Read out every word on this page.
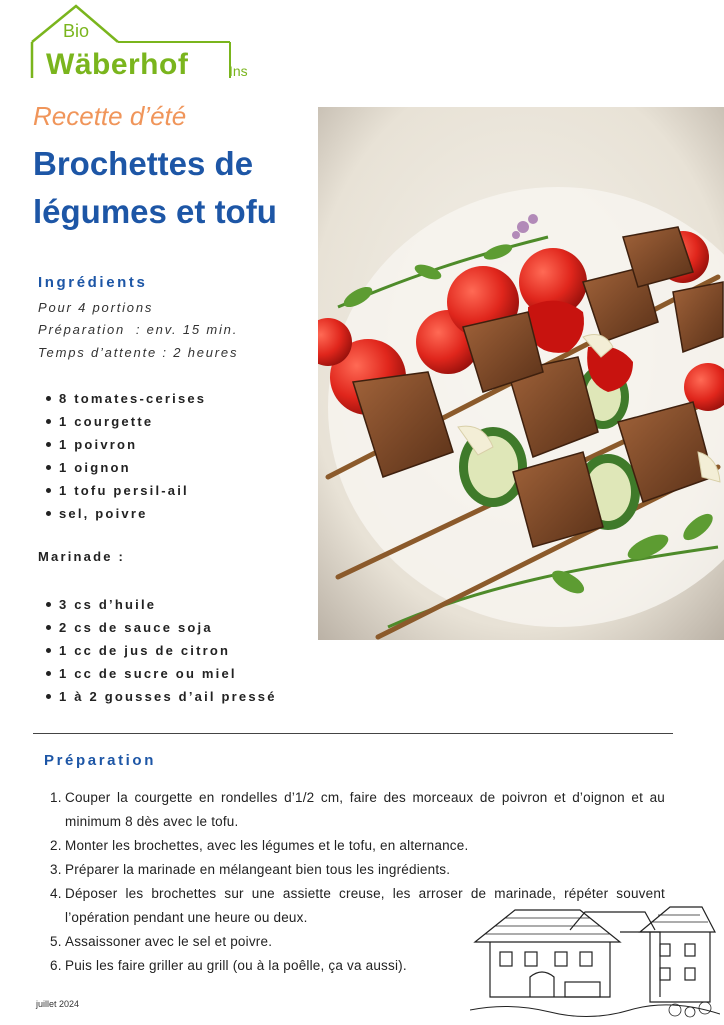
Bio
Wäberhof	Ins
Recette d’été
Brochettes de
légumes et tofu
Ingrédients
Pour 4 portions
Préparation  : env. 15 min.
Temps d’attente : 2 heures
8 tomates-cerises
1 courgette
1 poivron
1 oignon
1 tofu persil-ail
sel, poivre
Marinade :
3 cs d’huile
2 cs de sauce soja
1 cc de jus de citron
1 cc de sucre ou miel
1 à 2 gousses d’ail pressé
Préparation
1. Couper la courgette en rondelles d’1/2 cm, faire des morceaux de poivron et d’oignon et au minimum 8 dès avec le tofu.
2. Monter les brochettes, avec les légumes et le tofu, en alternance.
3. Préparer la marinade en mélangeant bien tous les ingrédients.
4. Déposer les brochettes sur une assiette creuse, les arroser de marinade, répéter souvent l’opération pendant une heure ou deux.
5. Assaissoner avec le sel et poivre.
6. Puis les faire griller au grill (ou à la poêlle, ça va aussi).
juillet 2024
